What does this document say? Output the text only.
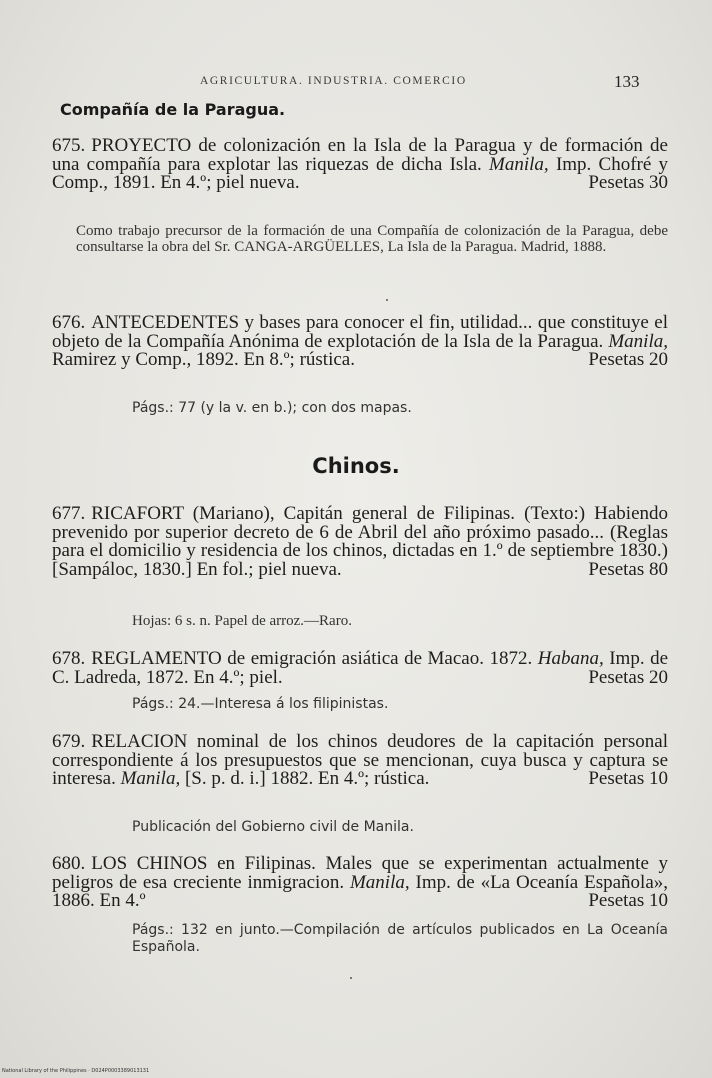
AGRICULTURA. INDUSTRIA. COMERCIO	133
Compañía de la Paragua.
675. PROYECTO de colonización en la Isla de la Paragua y de formación de una compañía para explotar las riquezas de dicha Isla. Manila, Imp. Chofré y Comp., 1891. En 4.º; piel nueva.	Pesetas 30
Como trabajo precursor de la formación de una Compañía de colonización de la Paragua, debe consultarse la obra del Sr. CANGA-ARGÜELLES, La Isla de la Paragua. Madrid, 1888.
676. ANTECEDENTES y bases para conocer el fin, utilidad... que constituye el objeto de la Compañía Anónima de explotación de la Isla de la Paragua. Manila, Ramirez y Comp., 1892. En 8.º; rústica.	Pesetas 20
Págs.: 77 (y la v. en b.); con dos mapas.
Chinos.
677. RICAFORT (Mariano), Capitán general de Filipinas. (Texto:) Habiendo prevenido por superior decreto de 6 de Abril del año próximo pasado... (Reglas para el domicilio y residencia de los chinos, dictadas en 1.º de septiembre 1830.) [Sampáloc, 1830.] En fol.; piel nueva.	Pesetas 80
Hojas: 6 s. n. Papel de arroz.—Raro.
678. REGLAMENTO de emigración asiática de Macao. 1872. Habana, Imp. de C. Ladreda, 1872. En 4.º; piel.	Pesetas 20
Págs.: 24.—Interesa á los filipinistas.
679. RELACION nominal de los chinos deudores de la capitación personal correspondiente á los presupuestos que se mencionan, cuya busca y captura se interesa. Manila, [S. p. d. i.] 1882. En 4.º; rústica.	Pesetas 10
Publicación del Gobierno civil de Manila.
680. LOS CHINOS en Filipinas. Males que se experimentan actualmente y peligros de esa creciente inmigracion. Manila, Imp. de «La Oceanía Española», 1886. En 4.º	Pesetas 10
Págs.: 132 en junto.—Compilación de artículos publicados en La Oceanía Española.
National Library of the Philippines · D024P0003389013131
